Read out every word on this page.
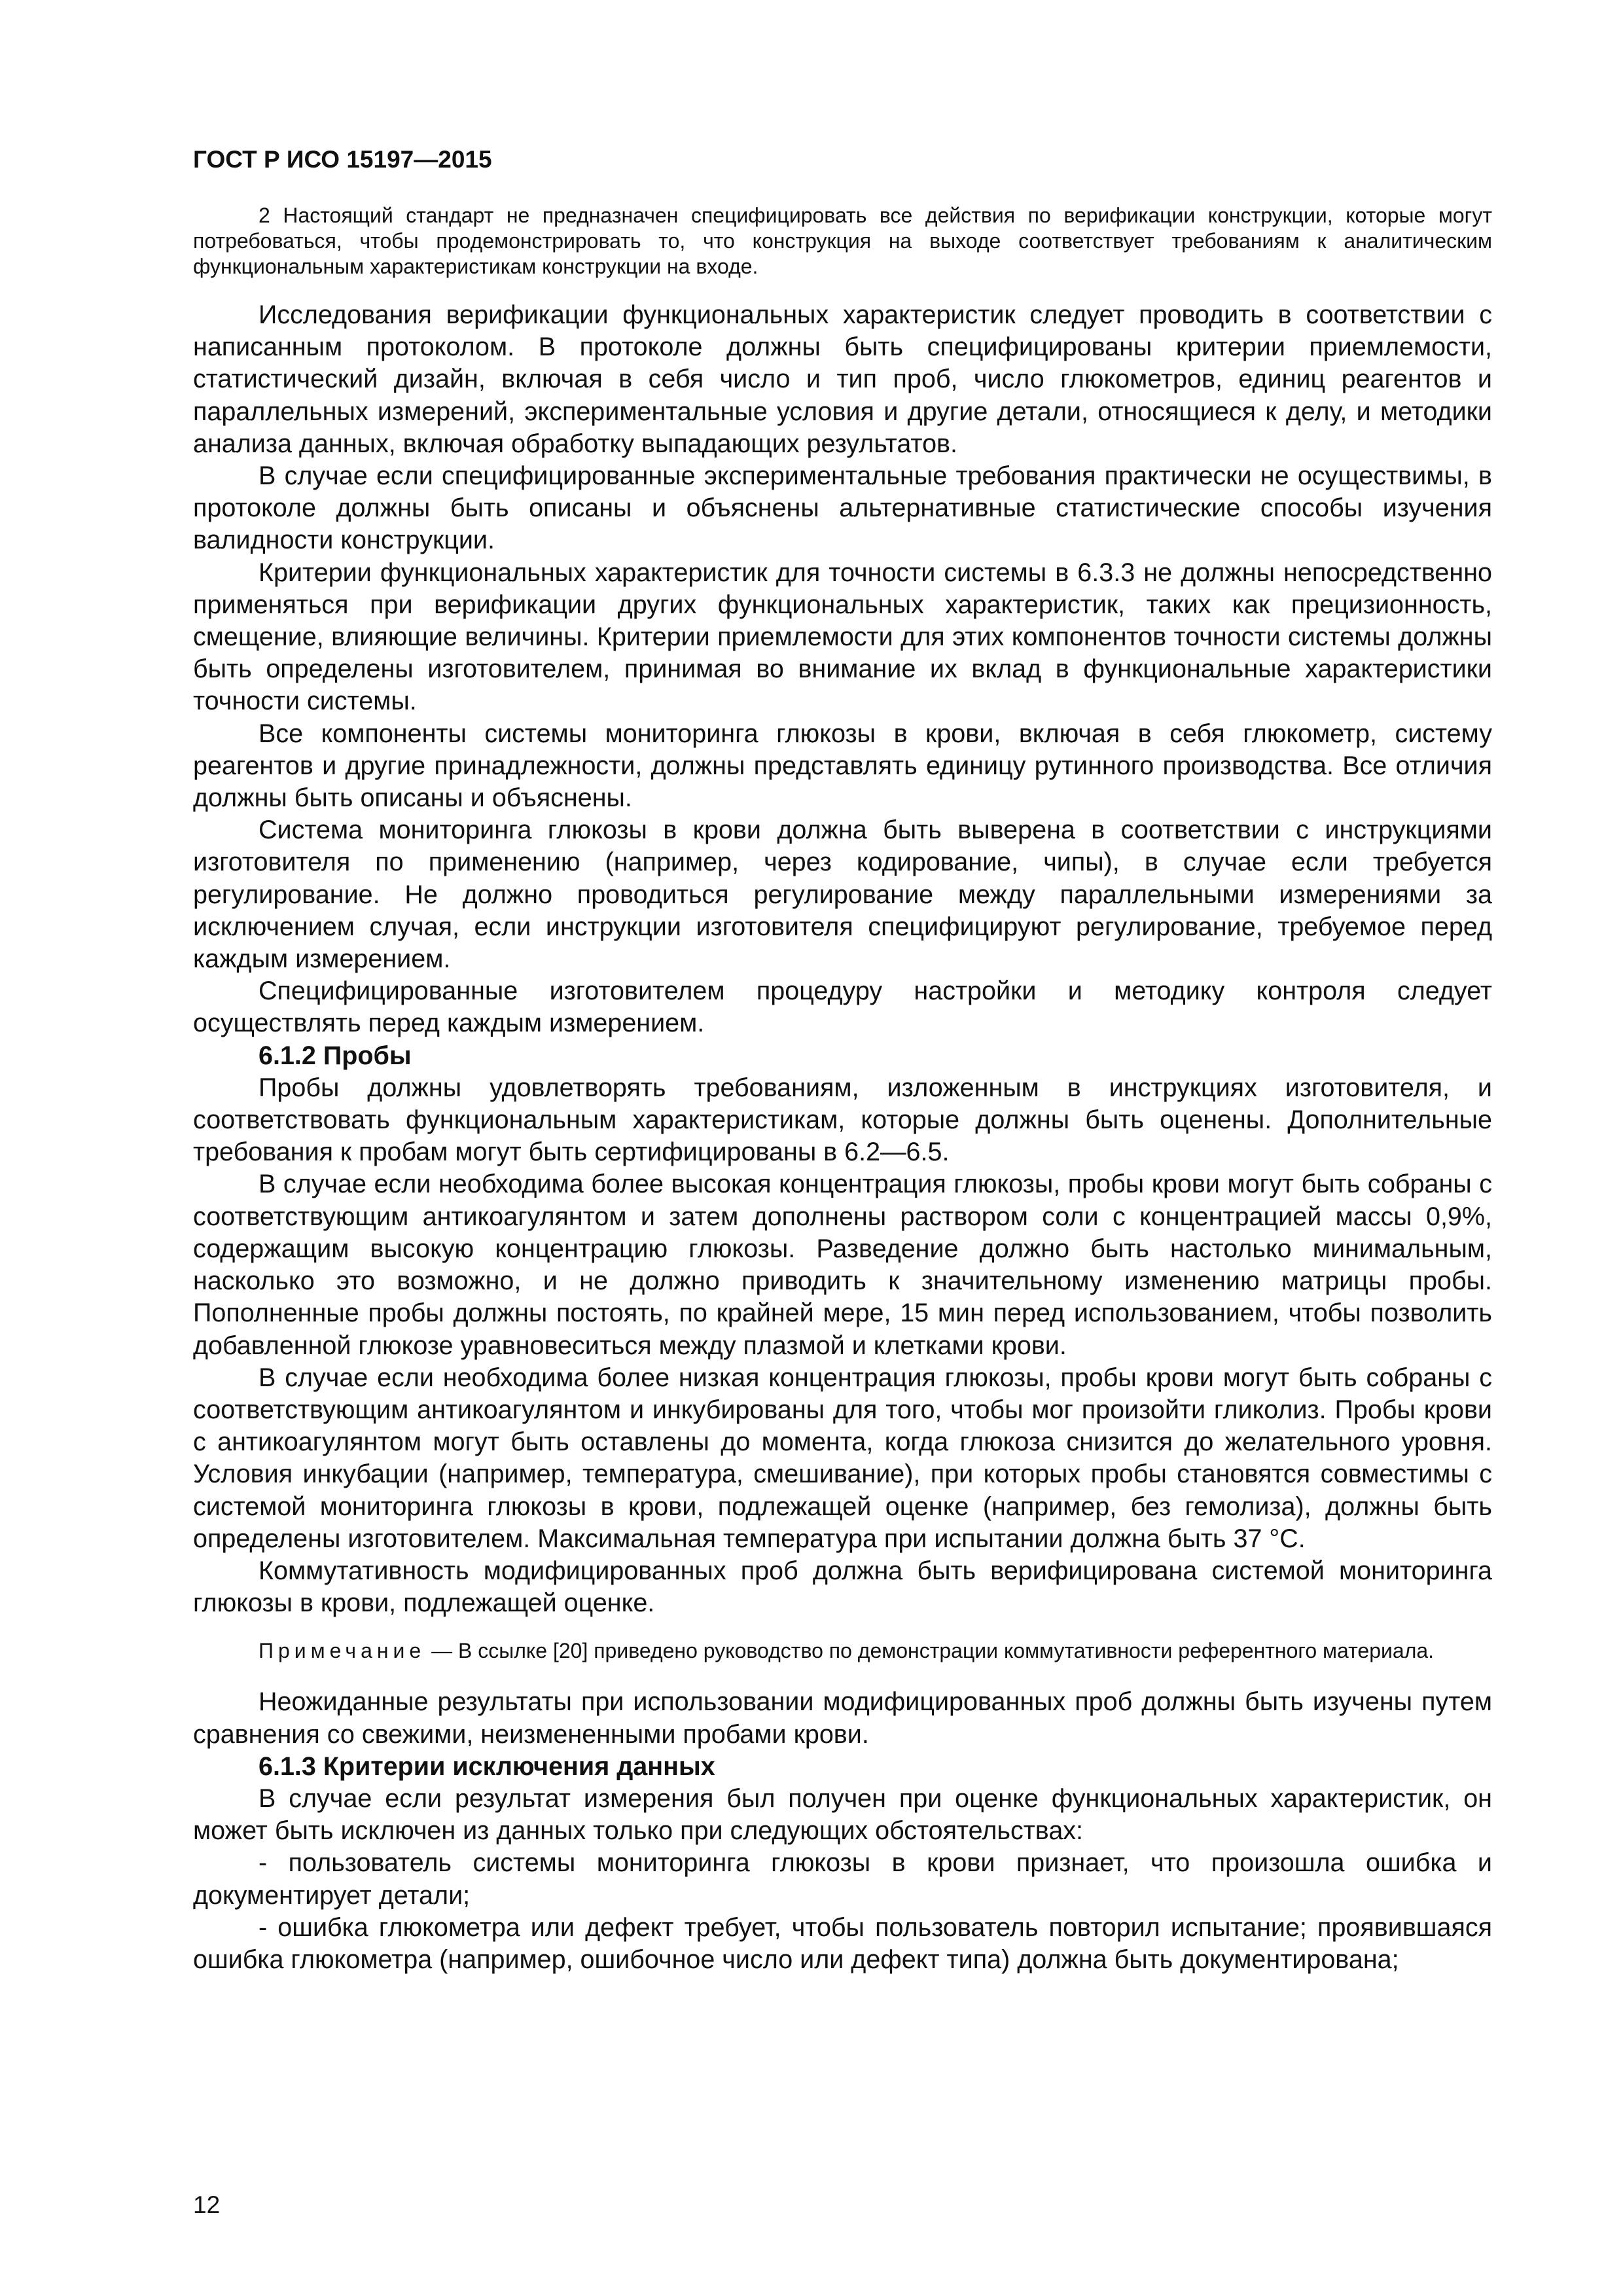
ГОСТ Р ИСО 15197—2015

2 Настоящий стандарт не предназначен специфицировать все действия по верификации конструкции, которые могут потребоваться, чтобы продемонстрировать то, что конструкция на выходе соответствует требованиям к аналитическим функциональным характеристикам конструкции на входе.

Исследования верификации функциональных характеристик следует проводить в соответствии с написанным протоколом. В протоколе должны быть специфицированы критерии приемлемости, статистический дизайн, включая в себя число и тип проб, число глюкометров, единиц реагентов и параллельных измерений, экспериментальные условия и другие детали, относящиеся к делу, и методики анализа данных, включая обработку выпадающих результатов.

В случае если специфицированные экспериментальные требования практически не осуществимы, в протоколе должны быть описаны и объяснены альтернативные статистические способы изучения валидности конструкции.

Критерии функциональных характеристик для точности системы в 6.3.3 не должны непосредственно применяться при верификации других функциональных характеристик, таких как прецизионность, смещение, влияющие величины. Критерии приемлемости для этих компонентов точности системы должны быть определены изготовителем, принимая во внимание их вклад в функциональные характеристики точности системы.

Все компоненты системы мониторинга глюкозы в крови, включая в себя глюкометр, систему реагентов и другие принадлежности, должны представлять единицу рутинного производства. Все отличия должны быть описаны и объяснены.

Система мониторинга глюкозы в крови должна быть выверена в соответствии с инструкциями изготовителя по применению (например, через кодирование, чипы), в случае если требуется регулирование. Не должно проводиться регулирование между параллельными измерениями за исключением случая, если инструкции изготовителя специфицируют регулирование, требуемое перед каждым измерением.

Специфицированные изготовителем процедуру настройки и методику контроля следует осуществлять перед каждым измерением.

6.1.2 Пробы

Пробы должны удовлетворять требованиям, изложенным в инструкциях изготовителя, и соответствовать функциональным характеристикам, которые должны быть оценены. Дополнительные требования к пробам могут быть сертифицированы в 6.2—6.5.

В случае если необходима более высокая концентрация глюкозы, пробы крови могут быть собраны с соответствующим антикоагулянтом и затем дополнены раствором соли с концентрацией массы 0,9%, содержащим высокую концентрацию глюкозы. Разведение должно быть настолько минимальным, насколько это возможно, и не должно приводить к значительному изменению матрицы пробы. Пополненные пробы должны постоять, по крайней мере, 15 мин перед использованием, чтобы позволить добавленной глюкозе уравновеситься между плазмой и клетками крови.

В случае если необходима более низкая концентрация глюкозы, пробы крови могут быть собраны с соответствующим антикоагулянтом и инкубированы для того, чтобы мог произойти гликолиз. Пробы крови с антикоагулянтом могут быть оставлены до момента, когда глюкоза снизится до желательного уровня. Условия инкубации (например, температура, смешивание), при которых пробы становятся совместимы с системой мониторинга глюкозы в крови, подлежащей оценке (например, без гемолиза), должны быть определены изготовителем. Максимальная температура при испытании должна быть 37 °С.

Коммутативность модифицированных проб должна быть верифицирована системой мониторинга глюкозы в крови, подлежащей оценке.

Примечание — В ссылке [20] приведено руководство по демонстрации коммутативности референтного материала.

Неожиданные результаты при использовании модифицированных проб должны быть изучены путем сравнения со свежими, неизмененными пробами крови.

6.1.3 Критерии исключения данных

В случае если результат измерения был получен при оценке функциональных характеристик, он может быть исключен из данных только при следующих обстоятельствах:

- пользователь системы мониторинга глюкозы в крови признает, что произошла ошибка и документирует детали;

- ошибка глюкометра или дефект требует, чтобы пользователь повторил испытание; проявившаяся ошибка глюкометра (например, ошибочное число или дефект типа) должна быть документирована;

12
